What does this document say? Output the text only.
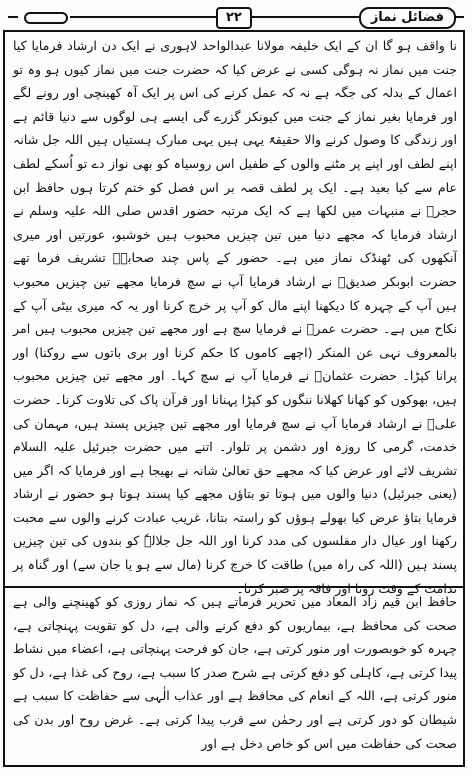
۲۲	فضائل نماز

نا واقف ہو گا ان کے ایک خلیفہ مولانا عبدالواحد لاہوری نے ایک دن ارشاد فرمایا کیا جنت میں نماز نہ ہوگی کسی نے عرض کیا کہ حضرت جنت میں نماز کیوں ہو وہ تو اعمال کے بدلہ کی جگہ ہے نہ کہ عمل کرنے کی اس پر ایک آہ کھینچی اور رونے لگے اور فرمایا بغیر نماز کے جنت میں کیونکر گزرے گی ایسے ہی لوگوں سے دنیا قائم ہے اور زندگی کا وصول کرنے والا حقیقۃً یہی ہیں یہی مبارک ہستیاں ہیں اللہ جل شانہ اپنے لطف اور اپنے پر مٹنے والوں کے طفیل اس روسیاہ کو بھی نواز دے تو اُسکے لطف عام سے کیا بعید ہے۔ ایک پر لطف قصہ بر اس فصل کو ختم کرتا ہوں حافظ ابن حجرؒ نے منبہات میں لکھا ہے کہ ایک مرتبہ حضور اقدس صلی اللہ علیہ وسلم نے ارشاد فرمایا کہ مجھے دنیا میں تین چیزیں محبوب ہیں خوشبو، عورتیں اور میری آنکھوں کی ٹھنڈک نماز میں ہے۔ حضور کے پاس چند صحابہؓ تشریف فرما تھے حضرت ابوبکر صدیقؓ نے ارشاد فرمایا آپ نے سچ فرمایا مجھے تین چیزیں محبوب ہیں آپ کے چہرہ کا دیکھنا اپنے مال کو آپ پر خرچ کرنا اور یہ کہ میری بیٹی آپ کے نکاح میں ہے۔ حضرت عمرؓ نے فرمایا سچ ہے اور مجھے تین چیزیں محبوب ہیں امر بالمعروف نہی عن المنکر (اچھے کاموں کا حکم کرنا اور بری باتوں سے روکنا) اور پرانا کپڑا۔ حضرت عثمانؓ نے فرمایا آپ نے سچ کہا۔ اور مجھے تین چیزیں محبوب ہیں، بھوکوں کو کھانا کھلانا ننگوں کو کپڑا پہنانا اور قرآن پاک کی تلاوت کرنا۔ حضرت علیؓ نے ارشاد فرمایا آپ نے سچ فرمایا اور مجھے تین چیزیں پسند ہیں، مہمان کی خدمت، گرمی کا روزہ اور دشمن پر تلوار۔ اتنے میں حضرت جبرئیل علیہ السلام تشریف لائے اور عرض کیا کہ مجھے حق تعالیٰ شانہ نے بھیجا ہے اور فرمایا کہ اگر میں (یعنی جبرئیل) دنیا والوں میں ہوتا تو بتاؤں مجھے کیا پسند ہوتا ہو حضور نے ارشاد فرمایا بتاؤ عرض کیا بھولے ہوؤں کو راستہ بتانا، غریب عبادت کرنے والوں سے محبت رکھنا اور عیال دار مفلسوں کی مدد کرنا اور اللہ جل جلالہٗ کو بندوں کی تین چیزیں پسند ہیں (اللہ کی راہ میں) طاقت کا خرچ کرنا (مال سے ہو یا جان سے) اور گناہ پر ندامت کے وقت رونا اور فاقہ پر صبر کرنا۔

حافظ ابن قیم زاد المعاد میں تحریر فرماتے ہیں کہ نماز روزی کو کھینچنے والی ہے صحت کی محافظ ہے، بیماریوں کو دفع کرنے والی ہے، دل کو تقویت پہنچاتی ہے، چہرہ کو خوبصورت اور منور کرتی ہے، جان کو فرحت پہنچاتی ہے، اعضاء میں نشاط پیدا کرتی ہے، کاہلی کو دفع کرتی ہے شرح صدر کا سبب ہے، روح کی غذا ہے، دل کو منور کرتی ہے، اللہ کے انعام کی محافظ ہے اور عذاب الٰہی سے حفاظت کا سبب ہے شیطان کو دور کرتی ہے اور رحمٰن سے قرب پیدا کرتی ہے۔ غرض روح اور بدن کی صحت کی حفاظت میں اس کو خاص دخل ہے اور
